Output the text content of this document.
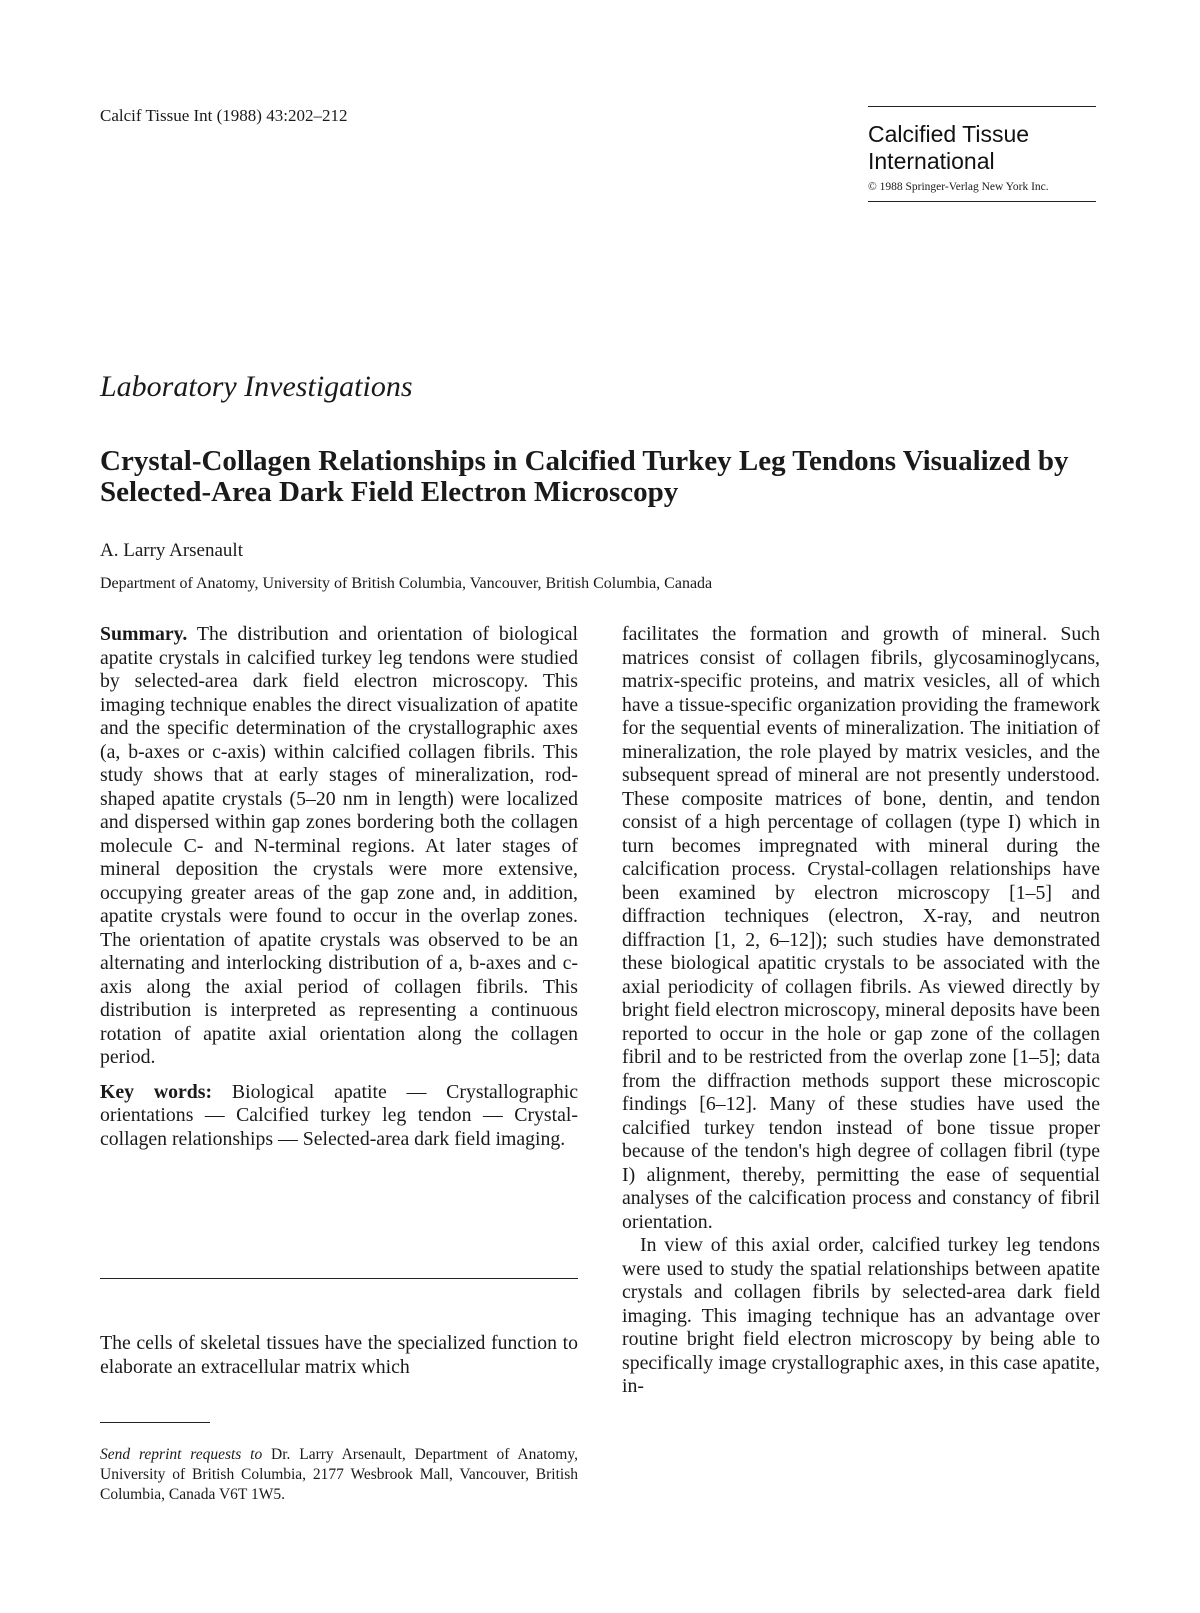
Calcif Tissue Int (1988) 43:202–212
Calcified Tissue
International
© 1988 Springer-Verlag New York Inc.
Laboratory Investigations
Crystal-Collagen Relationships in Calcified Turkey Leg Tendons Visualized by Selected-Area Dark Field Electron Microscopy
A. Larry Arsenault
Department of Anatomy, University of British Columbia, Vancouver, British Columbia, Canada

Summary. The distribution and orientation of biological apatite crystals in calcified turkey leg tendons were studied by selected-area dark field electron microscopy. This imaging technique enables the direct visualization of apatite and the specific determination of the crystallographic axes (a, b-axes or c-axis) within calcified collagen fibrils. This study shows that at early stages of mineralization, rod-shaped apatite crystals (5–20 nm in length) were localized and dispersed within gap zones bordering both the collagen molecule C- and N-terminal regions. At later stages of mineral deposition the crystals were more extensive, occupying greater areas of the gap zone and, in addition, apatite crystals were found to occur in the overlap zones. The orientation of apatite crystals was observed to be an alternating and interlocking distribution of a, b-axes and c-axis along the axial period of collagen fibrils. This distribution is interpreted as representing a continuous rotation of apatite axial orientation along the collagen period.

Key words: Biological apatite — Crystallographic orientations — Calcified turkey leg tendon — Crystal-collagen relationships — Selected-area dark field imaging.

The cells of skeletal tissues have the specialized function to elaborate an extracellular matrix which

Send reprint requests to Dr. Larry Arsenault, Department of Anatomy, University of British Columbia, 2177 Wesbrook Mall, Vancouver, British Columbia, Canada V6T 1W5.

facilitates the formation and growth of mineral. Such matrices consist of collagen fibrils, glycosaminoglycans, matrix-specific proteins, and matrix vesicles, all of which have a tissue-specific organization providing the framework for the sequential events of mineralization. The initiation of mineralization, the role played by matrix vesicles, and the subsequent spread of mineral are not presently understood. These composite matrices of bone, dentin, and tendon consist of a high percentage of collagen (type I) which in turn becomes impregnated with mineral during the calcification process. Crystal-collagen relationships have been examined by electron microscopy [1–5] and diffraction techniques (electron, X-ray, and neutron diffraction [1, 2, 6–12]); such studies have demonstrated these biological apatitic crystals to be associated with the axial periodicity of collagen fibrils. As viewed directly by bright field electron microscopy, mineral deposits have been reported to occur in the hole or gap zone of the collagen fibril and to be restricted from the overlap zone [1–5]; data from the diffraction methods support these microscopic findings [6–12]. Many of these studies have used the calcified turkey tendon instead of bone tissue proper because of the tendon's high degree of collagen fibril (type I) alignment, thereby, permitting the ease of sequential analyses of the calcification process and constancy of fibril orientation.

In view of this axial order, calcified turkey leg tendons were used to study the spatial relationships between apatite crystals and collagen fibrils by selected-area dark field imaging. This imaging technique has an advantage over routine bright field electron microscopy by being able to specifically image crystallographic axes, in this case apatite, in-
